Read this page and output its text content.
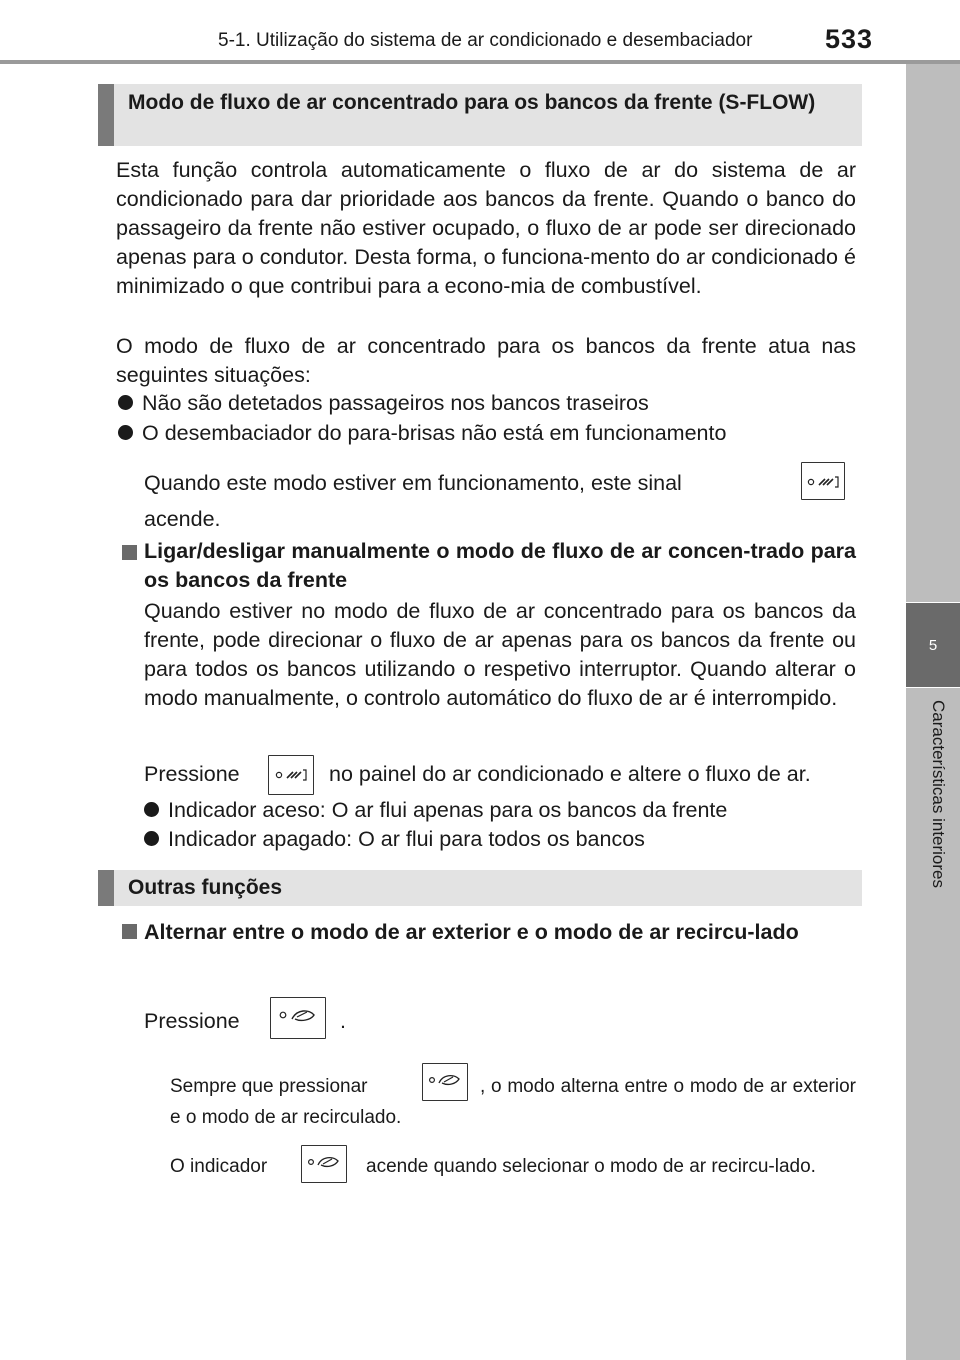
5-1. Utilização do sistema de ar condicionado e desembaciador	533
5
Características interiores
Modo de fluxo de ar concentrado para os bancos da frente (S-FLOW)
Esta função controla automaticamente o fluxo de ar do sistema de ar condicionado para dar prioridade aos bancos da frente. Quando o banco do passageiro da frente não estiver ocupado, o fluxo de ar pode ser direcionado apenas para o condutor. Desta forma, o funciona-mento do ar condicionado é minimizado o que contribui para a econo-mia de combustível.
O modo de fluxo de ar concentrado para os bancos da frente atua nas seguintes situações:
Não são detetados passageiros nos bancos traseiros
O desembaciador do para-brisas não está em funcionamento
Quando este modo estiver em funcionamento, este sinal
acende.
Ligar/desligar manualmente o modo de fluxo de ar concen-trado para os bancos da frente
Quando estiver no modo de fluxo de ar concentrado para os bancos da frente, pode direcionar o fluxo de ar apenas para os bancos da frente ou para todos os bancos utilizando o respetivo interruptor. Quando alterar o modo manualmente, o controlo automático do fluxo de ar é interrompido.
Pressione	no painel do ar condicionado e altere o fluxo de ar.
Indicador aceso: O ar flui apenas para os bancos da frente
Indicador apagado: O ar flui para todos os bancos
Outras funções
Alternar entre o modo de ar exterior e o modo de ar recircu-lado
Pressione	.
Sempre que pressionar	, o modo alterna entre o modo de ar exterior e o modo de ar recirculado.
O indicador	acende quando selecionar o modo de ar recircu-lado.
